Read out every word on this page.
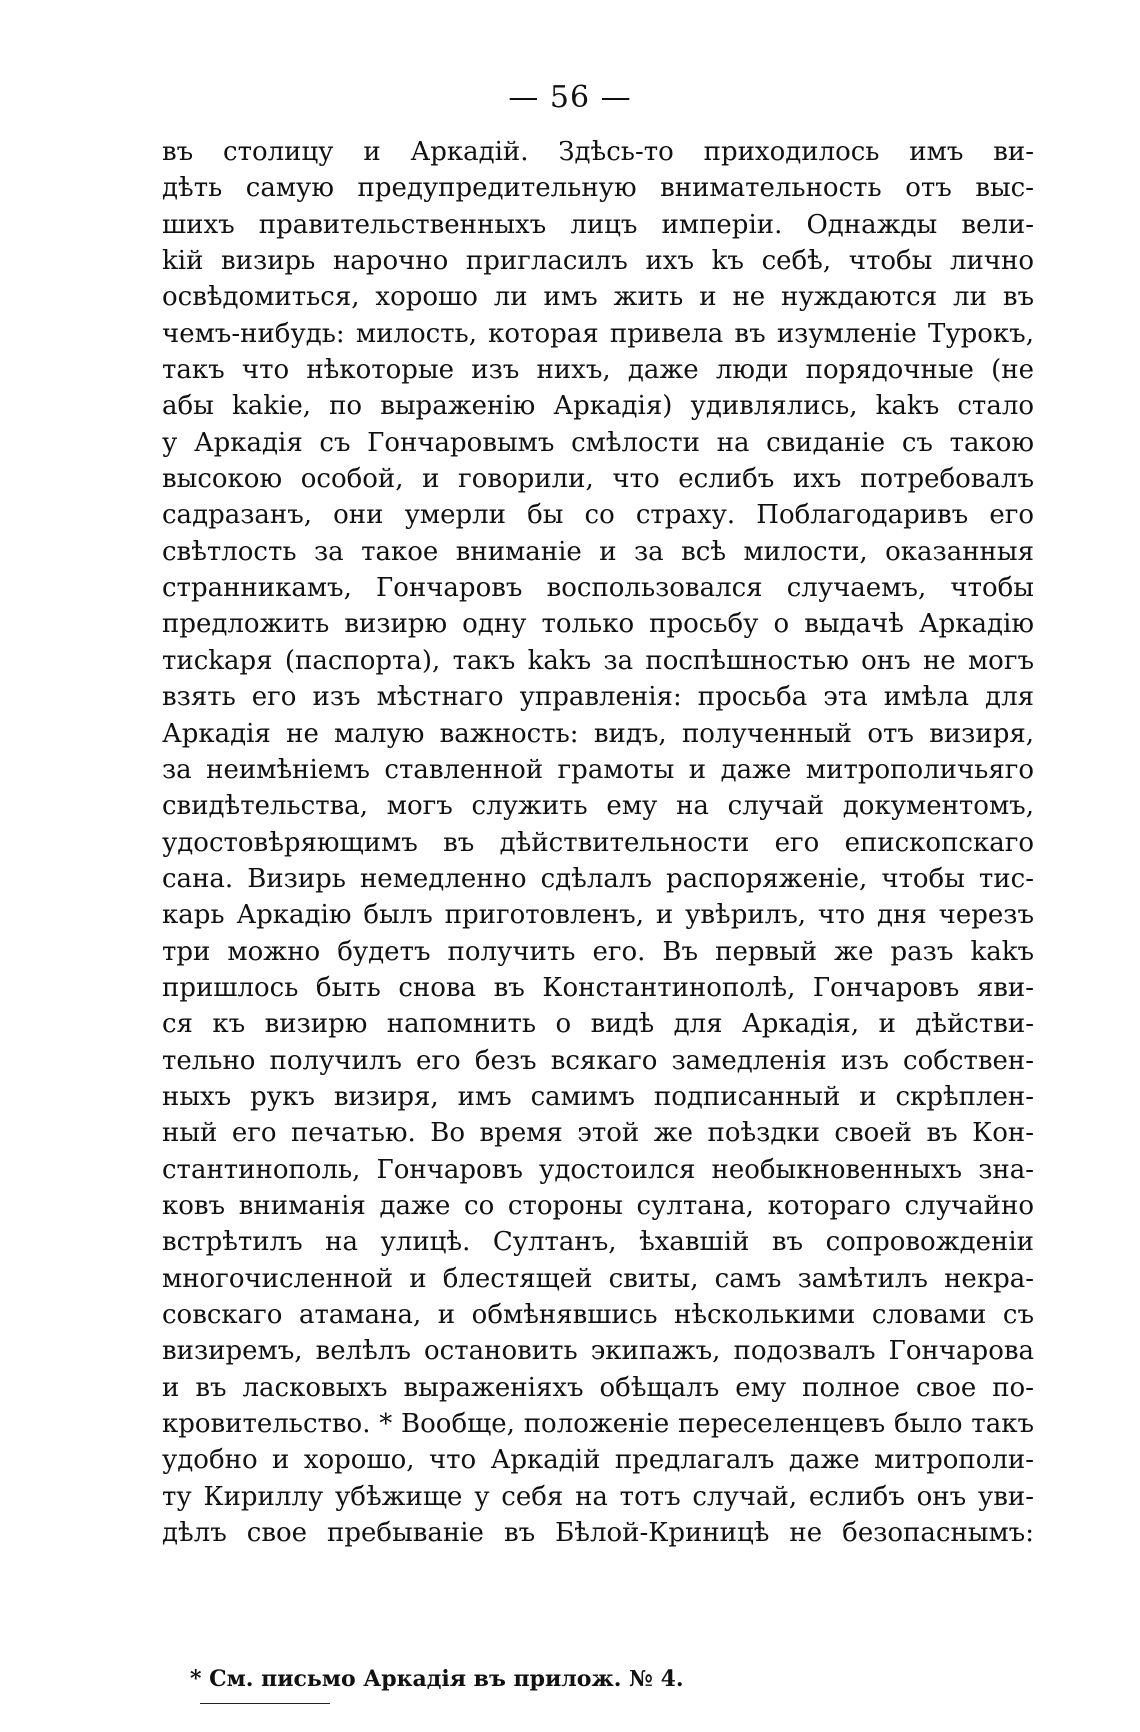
— 56 —
въ столицу и Аркадiй. Здѣсь-то приходилось имъ ви-
дѣть самую предупредительную внимательность отъ выс-
шихъ правительственныхъ лицъ имперiи. Однажды вели-
kiй визирь нарочно пригласилъ ихъ kъ себѣ, чтобы лично
освѣдомиться, хорошо ли имъ жить и не нуждаются ли въ
чемъ-нибудь: милость, которая привела въ изумленiе Турокъ,
такъ что нѣкоторые изъ нихъ, даже люди порядочные (не
абы kakie, по выраженiю Аркадiя) удивлялись, kakъ стало
у Аркадiя съ Гончаровымъ смѣлости на свиданiе съ такою
высокою особой, и говорили, что еслибъ ихъ потребовалъ
садразанъ, они умерли бы со страху. Поблагодаривъ его
свѣтлость за такое вниманiе и за всѣ милости, оказанныя
странникамъ, Гончаровъ воспользовался случаемъ, чтобы
предложить визирю одну только просьбу о выдачѣ Аркадiю
тисkаря (паспорта), такъ kakъ за поспѣшностью онъ не могъ
взять его изъ мѣстнаго управленiя: просьба эта имѣла для
Аркадiя не малую важность: видъ, полученный отъ визиря,
за неимѣнiемъ ставленной грамоты и даже митрополичьяго
свидѣтельства, могъ служить ему на случай документомъ,
удостовѣряющимъ въ дѣйствительности его епископскаго
сана. Визирь немедленно сдѣлалъ распоряженiе, чтобы тис-
карь Аркадiю былъ приготовленъ, и увѣрилъ, что дня черезъ
три можно будетъ получить его. Въ первый же разъ kakъ
пришлось быть снова въ Константинополѣ, Гончаровъ яви-
ся къ визирю напомнить о видѣ для Аркадiя, и дѣйстви-
тельно получилъ его безъ всякаго замедленiя изъ собствен-
ныхъ рукъ визиря, имъ самимъ подписанный и скрѣплен-
ный его печатью. Во время этой же поѣздки своей въ Кон-
стантинополь, Гончаровъ удостоился необыкновенныхъ зна-
ковъ вниманiя даже со стороны султана, котораго случайно
встрѣтилъ на улицѣ. Султанъ, ѣхавшiй въ сопровожденiи
многочисленной и блестящей свиты, самъ замѣтилъ некра-
совскаго атамана, и обмѣнявшись нѣсколькими словами съ
визиремъ, велѣлъ остановить экипажъ, подозвалъ Гончарова
и въ ласковыхъ выраженiяхъ обѣщалъ ему полное свое по-
кровительство. * Вообще, положенiе переселенцевъ было такъ
удобно и хорошо, что Аркадiй предлагалъ даже митрополи-
ту Кириллу убѣжище у себя на тотъ случай, еслибъ онъ уви-
дѣлъ свое пребыванiе въ Бѣлой-Криницѣ не безопаснымъ:
* См. письмо Аркадiя въ прилож. № 4.
